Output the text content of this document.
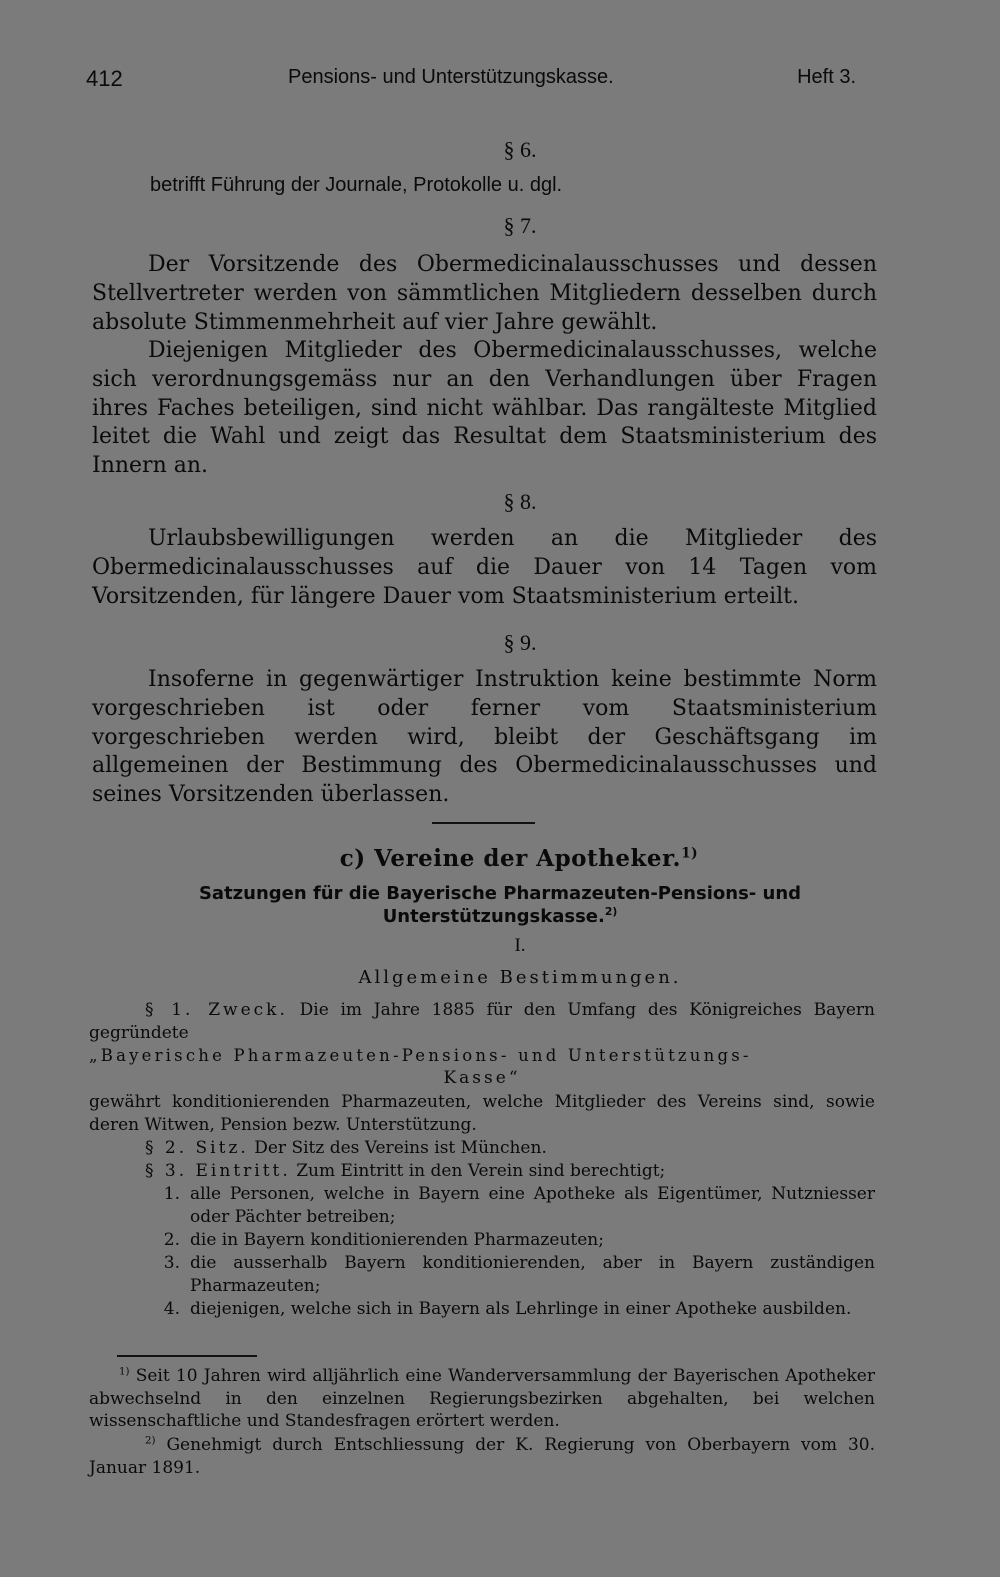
412	Pensions- und Unterstützungskasse.	Heft 3.
§ 6.
betrifft Führung der Journale, Protokolle u. dgl.
§ 7.
Der Vorsitzende des Obermedicinalausschusses und dessen Stellvertreter werden von sämmtlichen Mitgliedern desselben durch absolute Stimmenmehrheit auf vier Jahre gewählt.
Diejenigen Mitglieder des Obermedicinalausschusses, welche sich verordnungsgemäss nur an den Verhandlungen über Fragen ihres Faches beteiligen, sind nicht wählbar. Das rangälteste Mitglied leitet die Wahl und zeigt das Resultat dem Staatsministerium des Innern an.
§ 8.
Urlaubsbewilligungen werden an die Mitglieder des Obermedicinalausschusses auf die Dauer von 14 Tagen vom Vorsitzenden, für längere Dauer vom Staatsministerium erteilt.
§ 9.
Insoferne in gegenwärtiger Instruktion keine bestimmte Norm vorgeschrieben ist oder ferner vom Staatsministerium vorgeschrieben werden wird, bleibt der Geschäftsgang im allgemeinen der Bestimmung des Obermedicinalausschusses und seines Vorsitzenden überlassen.
c) Vereine der Apotheker.$^{1)}$
Satzungen für die Bayerische Pharmazeuten-Pensions- und
Unterstützungskasse.$^{2)}$
I.
Allgemeine Bestimmungen.
§ 1. Zweck. Die im Jahre 1885 für den Umfang des Königreiches Bayern gegründete
„Bayerische Pharmazeuten-Pensions- und Unterstützungs-
Kasse“
gewährt konditionierenden Pharmazeuten, welche Mitglieder des Vereins sind, sowie deren Witwen, Pension bezw. Unterstützung.
§ 2. Sitz. Der Sitz des Vereins ist München.
§ 3. Eintritt. Zum Eintritt in den Verein sind berechtigt;
1. alle Personen, welche in Bayern eine Apotheke als Eigentümer, Nutzniesser oder Pächter betreiben;
2. die in Bayern konditionierenden Pharmazeuten;
3. die ausserhalb Bayern konditionierenden, aber in Bayern zuständigen Pharmazeuten;
4. diejenigen, welche sich in Bayern als Lehrlinge in einer Apotheke ausbilden.
$^{1)}$ Seit 10 Jahren wird alljährlich eine Wanderversammlung der Bayerischen Apotheker abwechselnd in den einzelnen Regierungsbezirken abgehalten, bei welchen wissenschaftliche und Standesfragen erörtert werden.
$^{2)}$ Genehmigt durch Entschliessung der K. Regierung von Oberbayern vom 30. Januar 1891.
